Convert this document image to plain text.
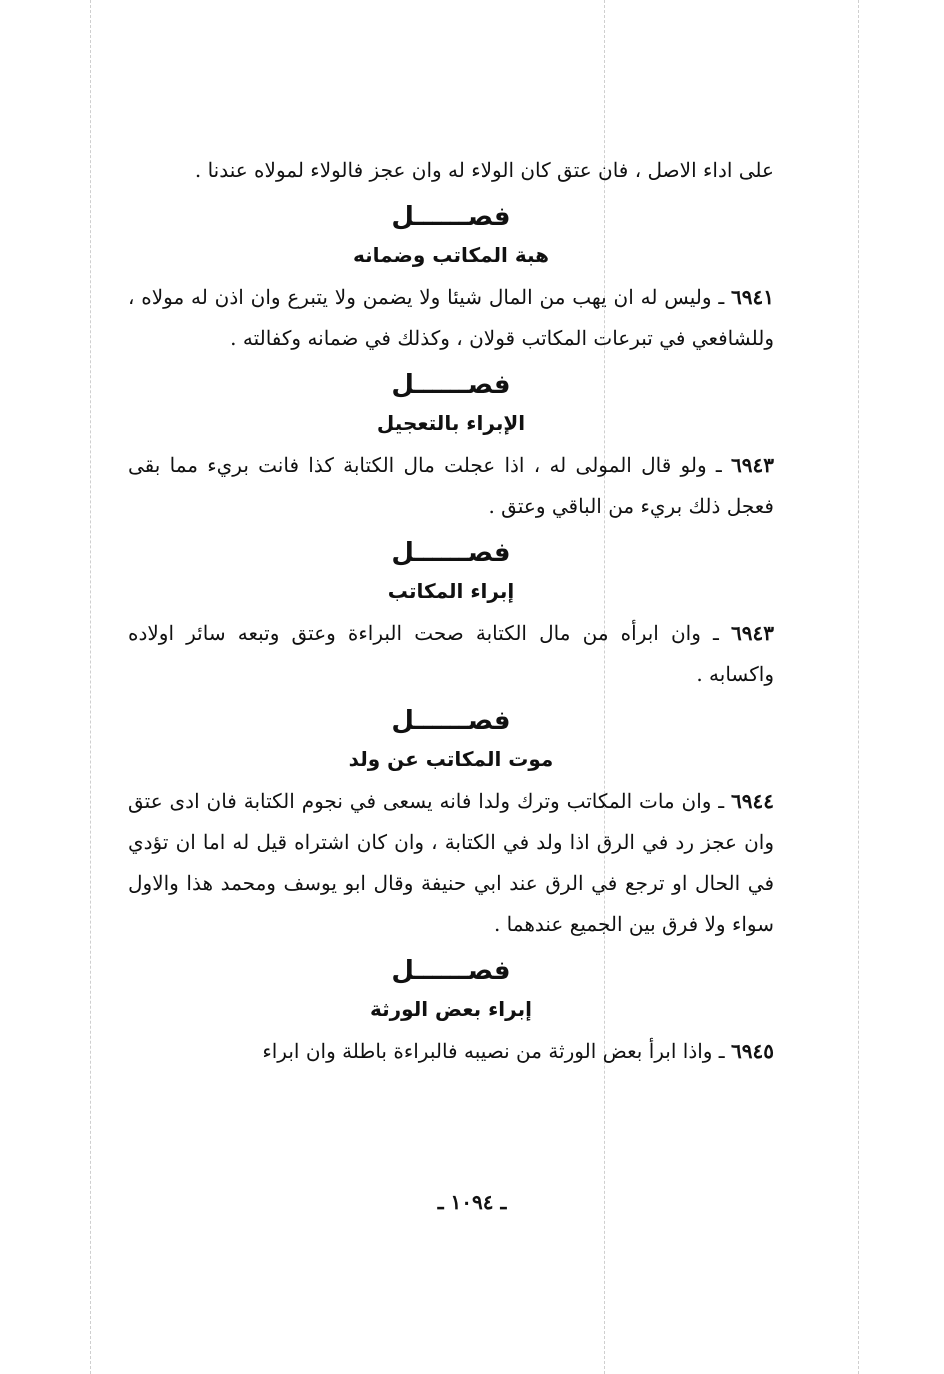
على اداء الاصل ، فان عتق كان الولاء له وان عجز فالولاء لمولاه عندنا .

فصــــــل
هبة المكاتب وضمانه

٦٩٤١ ـ وليس له ان يهب من المال شيئا ولا يضمن ولا يتبرع وان اذن له مولاه ، وللشافعي في تبرعات المكاتب قولان ، وكذلك في ضمانه وكفالته .

فصــــــل
الإبراء بالتعجيل

٦٩٤٣ ـ ولو قال المولى له ، اذا عجلت مال الكتابة كذا فانت بريء مما بقى فعجل ذلك بريء من الباقي وعتق .

فصــــــل
إبراء المكاتب

٦٩٤٣ ـ وان ابرأه من مال الكتابة صحت البراءة وعتق وتبعه سائر اولاده واكسابه .

فصــــــل
موت المكاتب عن ولد

٦٩٤٤ ـ وان مات المكاتب وترك ولدا فانه يسعى في نجوم الكتابة فان ادى عتق وان عجز رد في الرق اذا ولد في الكتابة ، وان كان اشتراه قيل له اما ان تؤدي في الحال او ترجع في الرق عند ابي حنيفة وقال ابو يوسف ومحمد هذا والاول سواء ولا فرق بين الجميع عندهما .

فصــــــل
إبراء بعض الورثة

٦٩٤٥ ـ واذا ابرأ بعض الورثة من نصيبه فالبراءة باطلة وان ابراء

ـ ١٠٩٤ ـ
